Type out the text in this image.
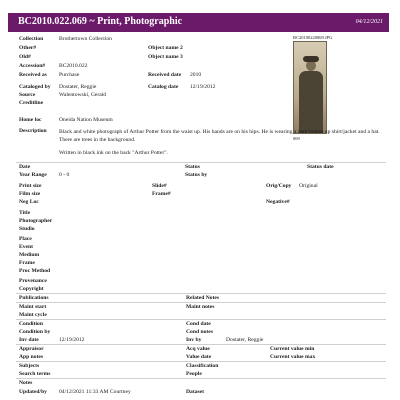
BC2010.022.069 ~ Print, Photographic	04/12/2021
BC20100220069.JPG
069
Collection	Brothertown Collection
Other#	Object name 2
Old#	Object name 3
Accession# BC2010.022
Received as Purchase	Received date 2010
Cataloged by Dostater, Reggie	Catalog date 12/19/2012
Source	Walentowski, Gerald
Creditline
Home loc	Oneida Nation Museum
Description Black and white photograph of Arthur Potter from the waist up. His hands are on his hips. He is wearing a dark button up shirt/jacket and a hat. There are trees in the background.
Written in black ink on the back "Arthur Potter".
Date	Status	Status date
Year Range 0 - 0	Status by
Print size	Slide#	Orig/Copy Original
Film size	Frame#
Neg Loc	Negative#
Title
Photographer
Studio
Place
Event
Medium
Frame
Proc Method
Provenance
Copyright
Publications	Related Notes
Maint start	Maint notes
Maint cycle
Condition	Cond date
Condition by	Cond notes
Inv date	12/19/2012	Inv by	Dostater, Reggie
Appraisor	Acq value	Current value min
App notes	Value date	Current value max
Subjects	Classification
Search terms	People
Notes
Updated/by 04/12/2021 11:33 AM Courtney	Dataset
